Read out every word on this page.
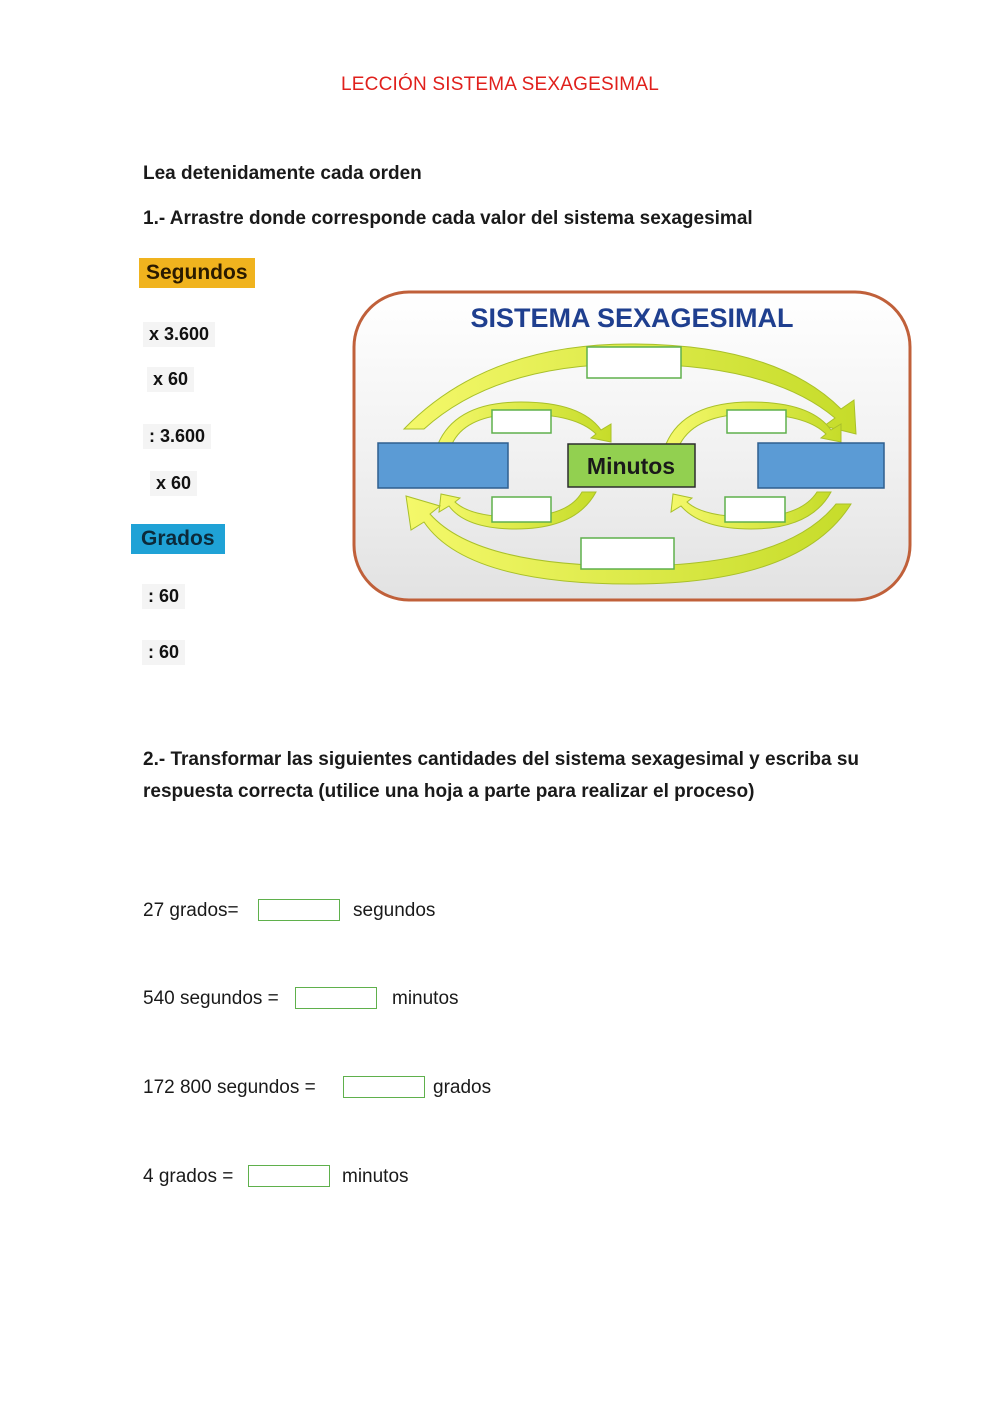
LECCIÓN SISTEMA SEXAGESIMAL
Lea detenidamente cada orden
1.- Arrastre donde corresponde cada valor del sistema sexagesimal
Segundos
x 3.600
x 60
: 3.600
x 60
Grados
: 60
: 60
SISTEMA SEXAGESIMAL
Minutos
2.- Transformar las siguientes cantidades del sistema sexagesimal y escriba su respuesta correcta (utilice una hoja a parte para realizar el proceso)
27 grados=	segundos
540 segundos =	minutos
172 800 segundos =	grados
4 grados =	minutos
